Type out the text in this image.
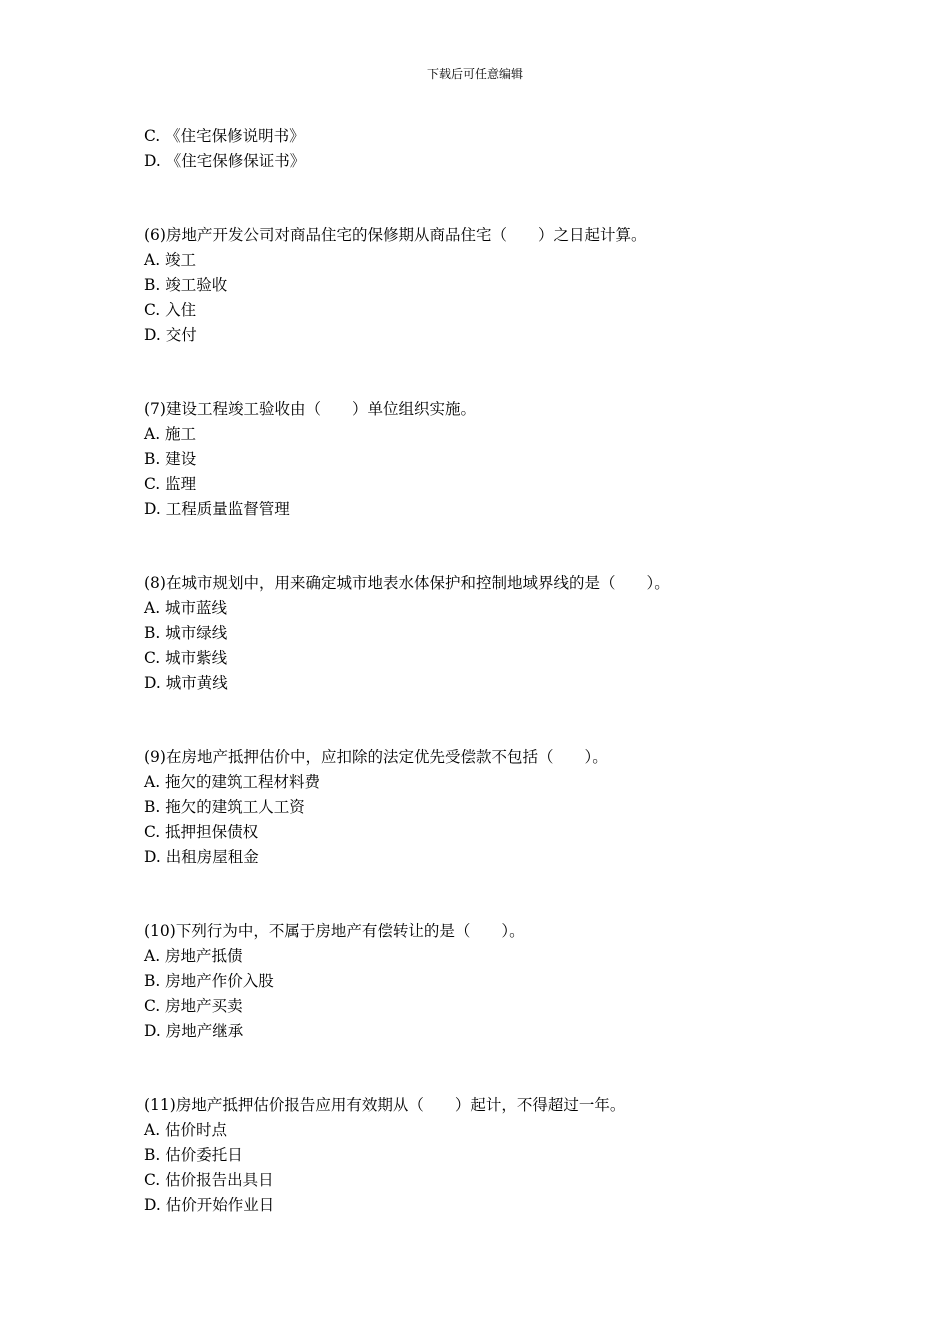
下载后可任意编辑
C. 《住宅保修说明书》
D. 《住宅保修保证书》
(6)房地产开发公司对商品住宅的保修期从商品住宅（　　）之日起计算。
A. 竣工
B. 竣工验收
C. 入住
D. 交付
(7)建设工程竣工验收由（　　）单位组织实施。
A. 施工
B. 建设
C. 监理
D. 工程质量监督管理
(8)在城市规划中，用来确定城市地表水体保护和控制地域界线的是（　　）。
A. 城市蓝线
B. 城市绿线
C. 城市紫线
D. 城市黄线
(9)在房地产抵押估价中，应扣除的法定优先受偿款不包括（　　）。
A. 拖欠的建筑工程材料费
B. 拖欠的建筑工人工资
C. 抵押担保债权
D. 出租房屋租金
(10)下列行为中，不属于房地产有偿转让的是（　　）。
A. 房地产抵债
B. 房地产作价入股
C. 房地产买卖
D. 房地产继承
(11)房地产抵押估价报告应用有效期从（　　）起计，不得超过一年。
A. 估价时点
B. 估价委托日
C. 估价报告出具日
D. 估价开始作业日
